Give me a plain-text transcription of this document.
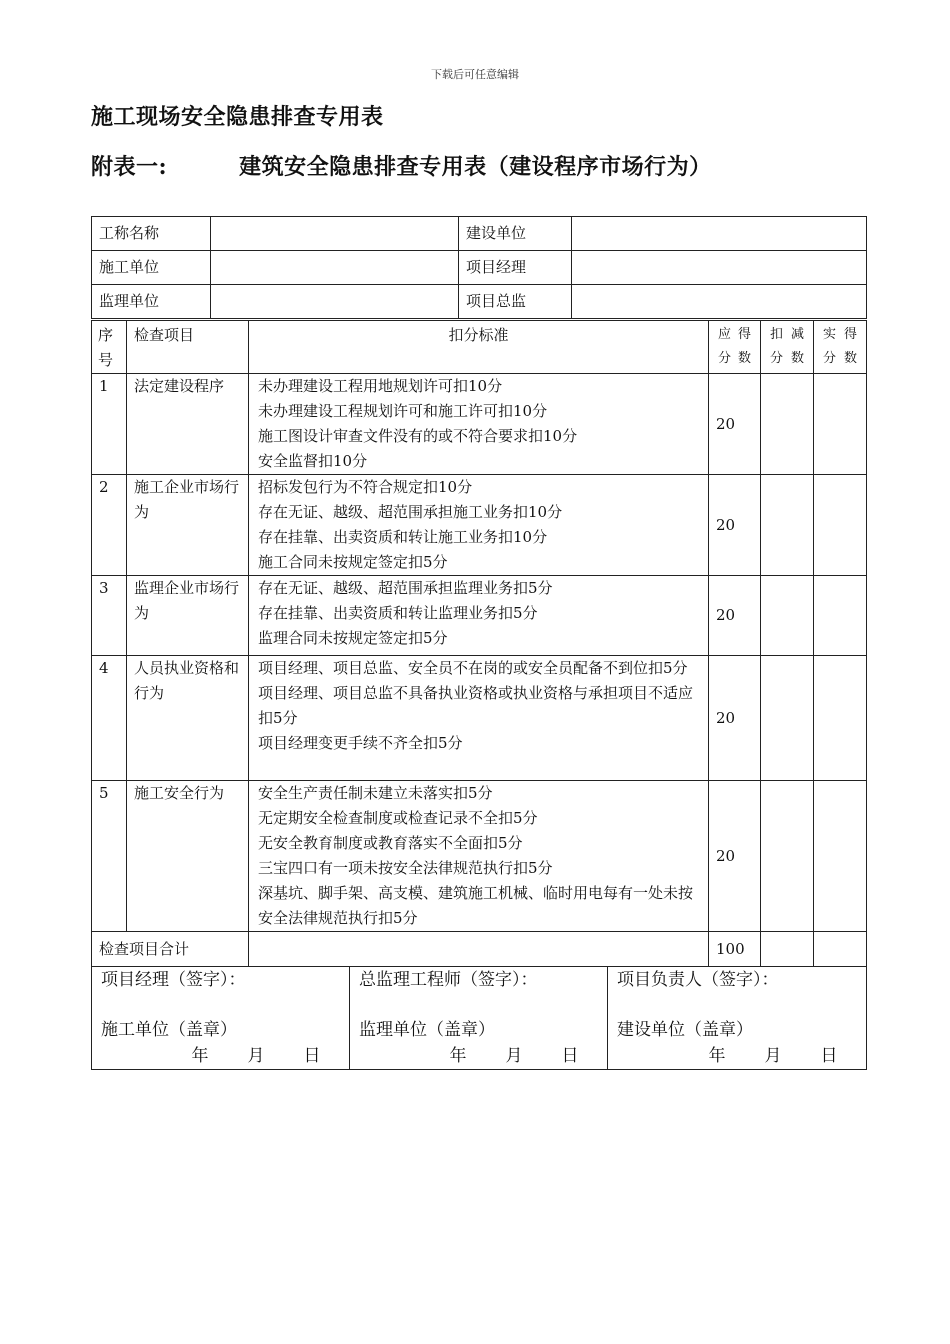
下载后可任意编辑
施工现场安全隐患排查专用表
附表一:	建筑安全隐患排查专用表（建设程序市场行为）
工称名称		建设单位	
施工单位		项目经理	
监理单位		项目总监	
序号	检查项目	扣分标准	应得分数	扣减分数	实得分数
1	法定建设程序	未办理建设工程用地规划许可扣10分
未办理建设工程规划许可和施工许可扣10分
施工图设计审查文件没有的或不符合要求扣10分
安全监督扣10分	20		
2	施工企业市场行为	招标发包行为不符合规定扣10分
存在无证、越级、超范围承担施工业务扣10分
存在挂靠、出卖资质和转让施工业务扣10分
施工合同未按规定签定扣5分	20		
3	监理企业市场行为	存在无证、越级、超范围承担监理业务扣5分
存在挂靠、出卖资质和转让监理业务扣5分
监理合同未按规定签定扣5分	20		
4	人员执业资格和行为	项目经理、项目总监、安全员不在岗的或安全员配备不到位扣5分
项目经理、项目总监不具备执业资格或执业资格与承担项目不适应扣5分
项目经理变更手续不齐全扣5分	20		
5	施工安全行为	安全生产责任制未建立未落实扣5分
无定期安全检查制度或检查记录不全扣5分
无安全教育制度或教育落实不全面扣5分
三宝四口有一项未按安全法律规范执行扣5分
深基坑、脚手架、高支模、建筑施工机械、临时用电每有一处未按安全法律规范执行扣5分	20		
检查项目合计			100		
项目经理（签字）：
施工单位（盖章）
年 月 日

总监理工程师（签字）：
监理单位（盖章）
年 月 日

项目负责人（签字）：
建设单位（盖章）
年 月 日
